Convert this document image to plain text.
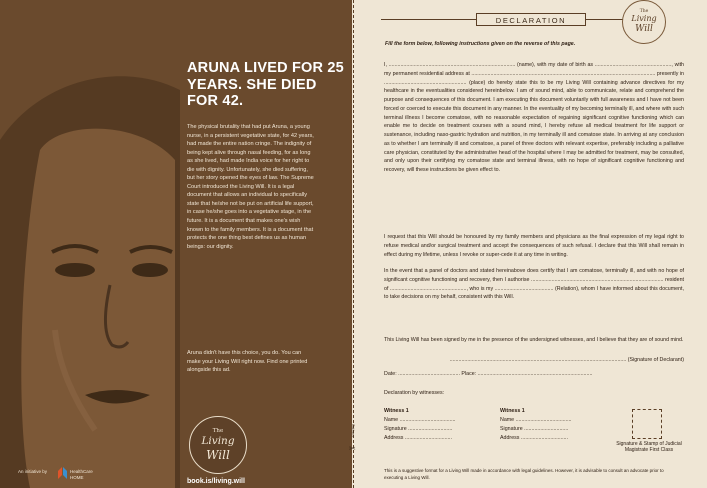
ARUNA LIVED FOR 25 YEARS. SHE DIED FOR 42.
The physical brutality that had put Aruna, a young nurse, in a persistent vegetative state, for 42 years, had made the entire nation cringe. The indignity of being kept alive through nasal feeding, for as long as she lived, had made India voice for her right to die with dignity. Unfortunately, she died suffering, but her story opened the eyes of law. The Supreme Court introduced the Living Will. It is a legal document that allows an individual to specifically state that he/she not be put on artificial life support, in case he/she goes into a vegetative stage, in the future. It is a document that makes one's wish known to the family members. It is a document that protects the one thing best defines us as human beings: our dignity.
Aruna didn't have this choice, you do. You can make your Living Will right now. Find one printed alongside this ad.
The
Living
Will
book.is/living.will
An initiative by	HealthCare
HOME
Cut here
✂
DECLARATION
The
Living
Will
Fill the form below, following instructions given on the reverse of this page.
I, ...................................................................................... (name), with my date of birth as ...................................................., with my permanent residential address at ............................................................................................................................. presently in ........................................................ (place) do hereby state this to be my Living Will containing advance directives for my healthcare in the eventualities considered hereinbelow. I am of sound mind, able to communicate, relate and comprehend the purpose and consequences of this document. I am executing this document voluntarily with full awareness and I have not been forced or coerced to execute this document in any manner. In the eventuality of my becoming terminally ill, and where with such terminal illness I become comatose, with no reasonable expectation of regaining significant cognitive functioning which can enable me to decide on treatment courses with a sound mind, I hereby refuse all medical treatment for life support or sustenance, including naso-gastric hydration and nutrition, in my terminally ill and comatose state. In arriving at any conclusion as to whether I am terminally ill and comatose, a panel of three doctors with relevant expertise, preferably including a palliative care physician, constituted by the administrative head of the hospital where I may be admitted for treatment, may be consulted, and only upon their certifying my comatose state and terminal illness, with no hope of significant cognitive functioning and recovery, will these instructions be given effect to.
I request that this Will should be honoured by my family members and physicians as the final expression of my legal right to refuse medical and/or surgical treatment and accept the consequences of such refusal. I declare that this Will shall remain in effect during my lifetime, unless I revoke or super-cede it at any time in writing.
In the event that a panel of doctors and stated hereinabove does certify that I am comatose, terminally ill, and with no hope of significant cognitive functioning and recovery, then I authorise .......................................................................................... resident of ...................................................., who is my ........................................ (Relation), whom I have informed about this document, to take decisions on my behalf, consistent with this Will.
This Living Will has been signed by me in the presence of the undersigned witnesses, and I believe that they are of sound mind.
........................................................................................................................ (Signature of Declarant)
Date: .......................................... Place: ..............................................................................
Declaration by witnesses:
Witness 1
Name ......................................
Signature ..............................
Address ................................
Witness 1
Name ......................................
Signature ..............................
Address ................................
Signature & Stamp of Judicial Magistrate First Class
This is a suggestive format for a Living Will made in accordance with legal guidelines. However, it is advisable to consult an advocate prior to executing a Living Will.
